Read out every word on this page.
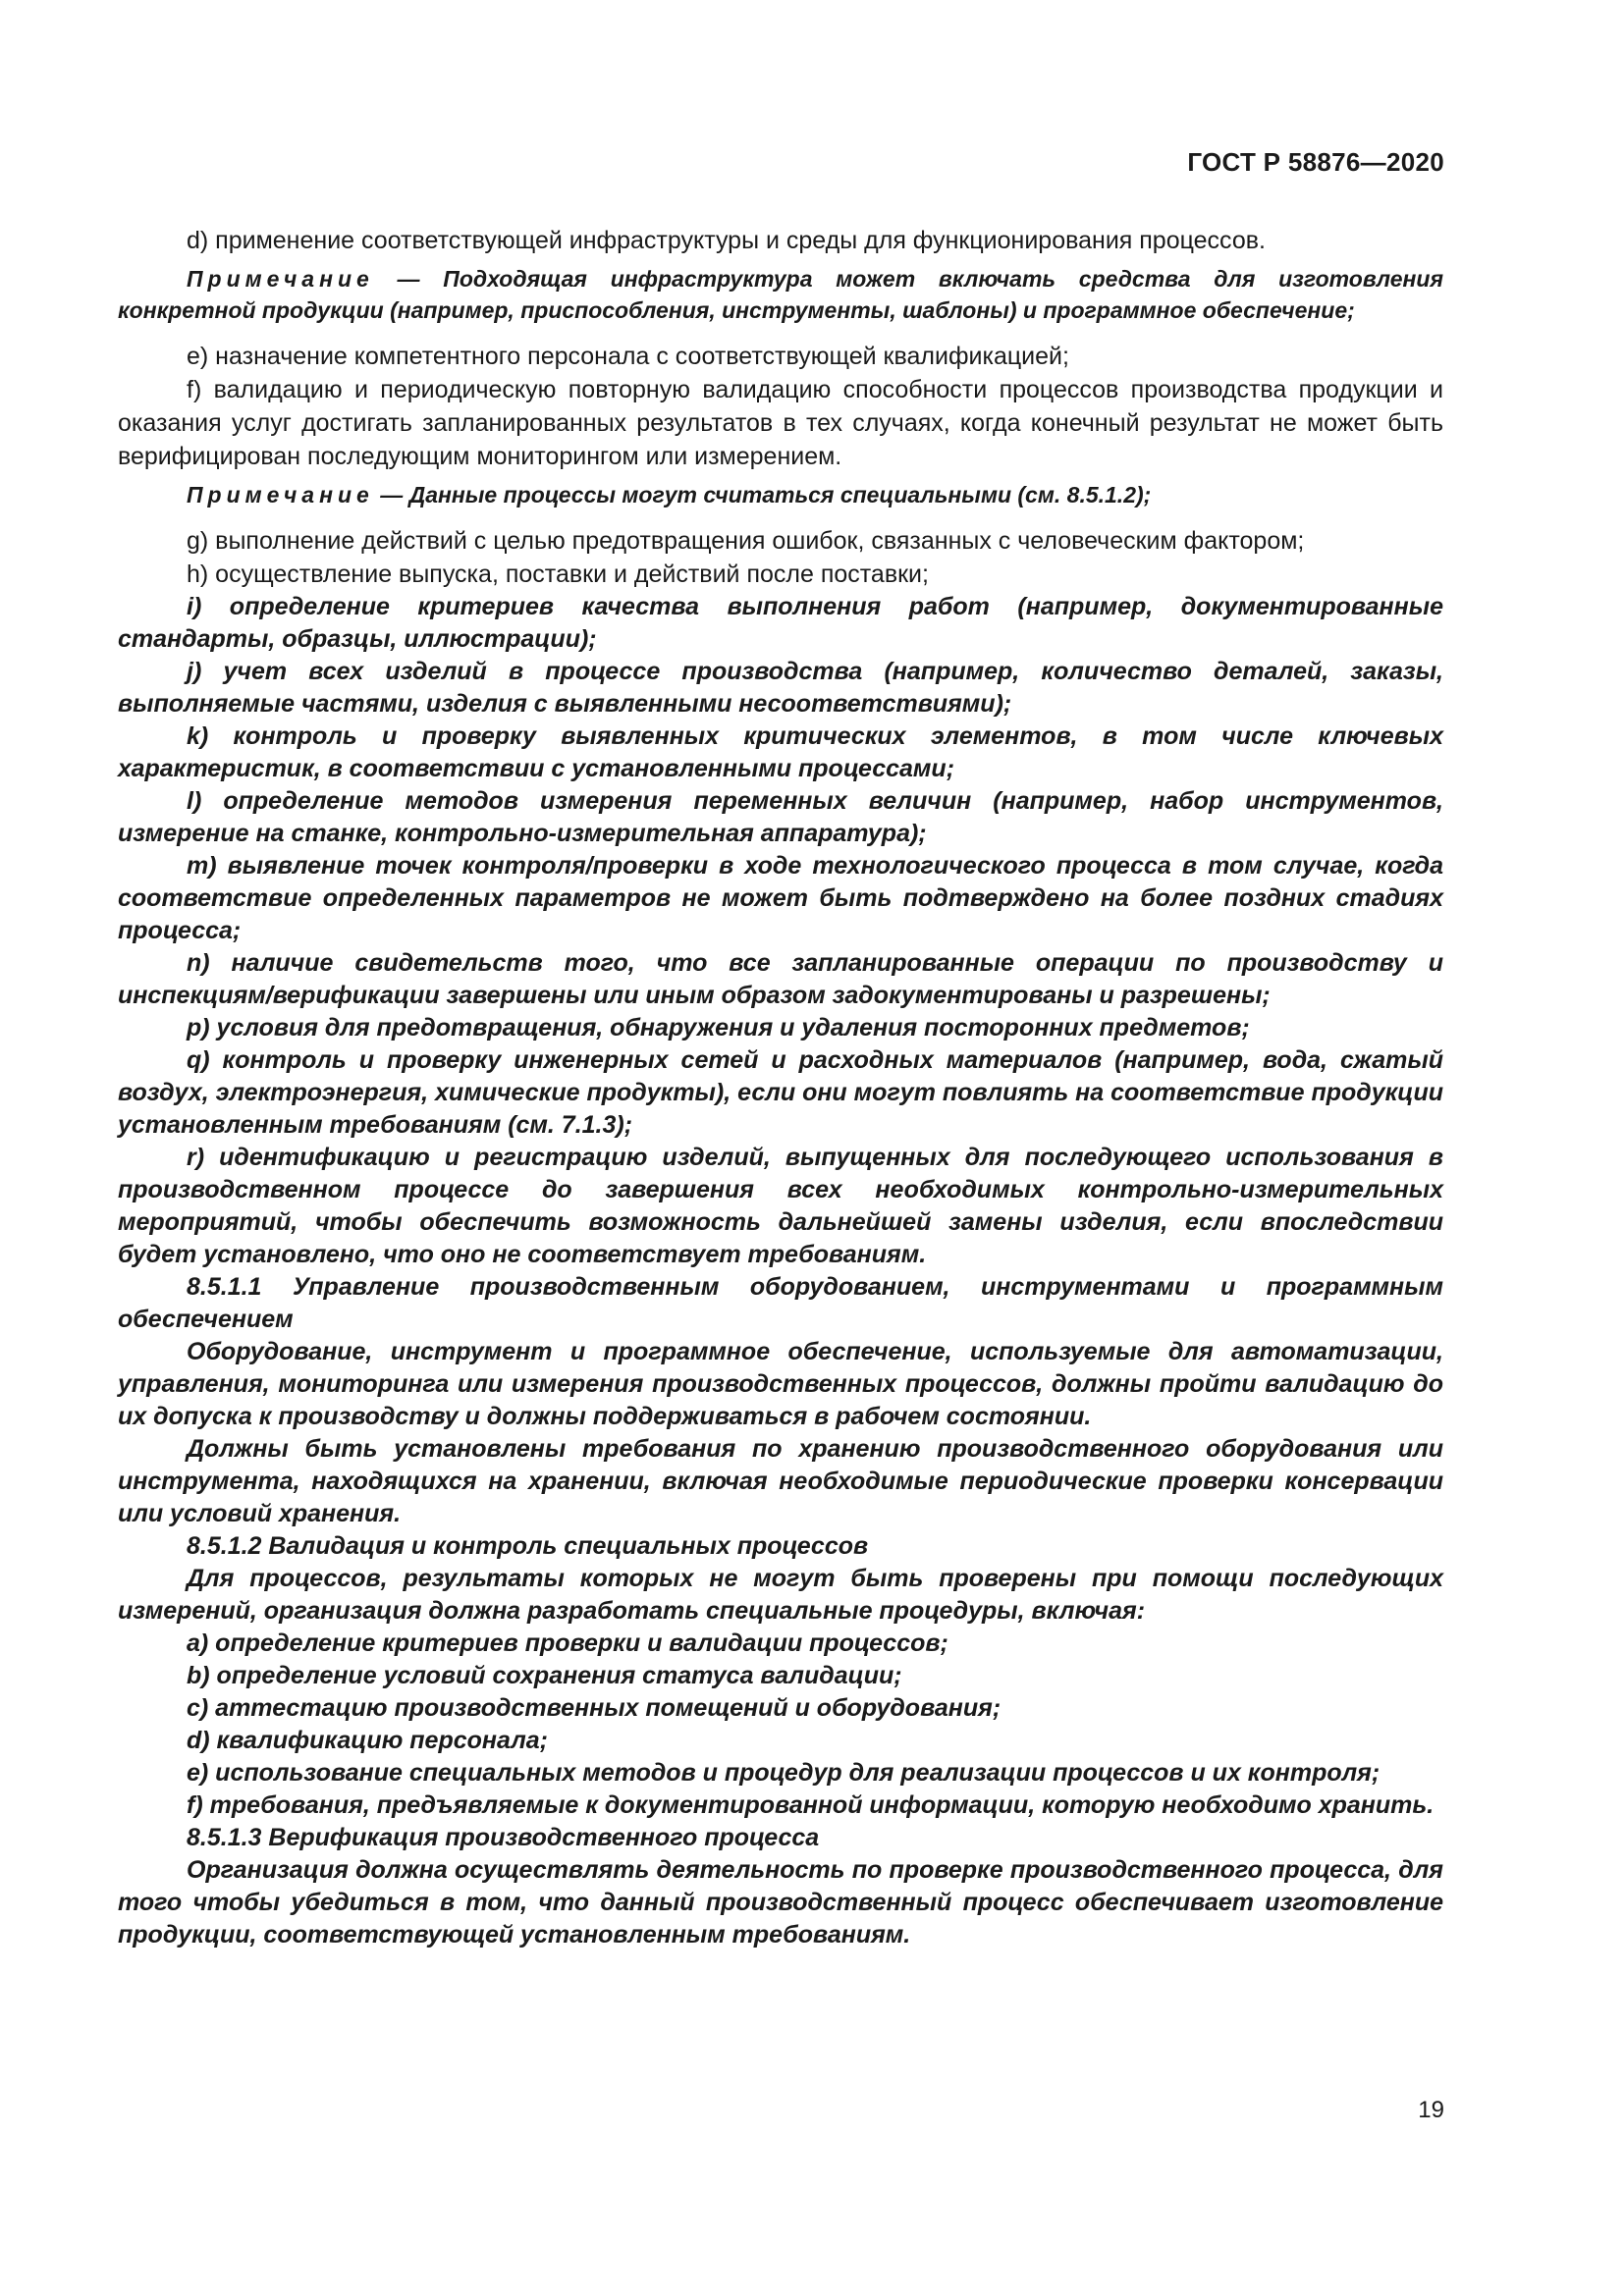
ГОСТ Р 58876—2020

d) применение соответствующей инфраструктуры и среды для функционирования процессов.

Примечание — Подходящая инфраструктура может включать средства для изготовления конкретной продукции (например, приспособления, инструменты, шаблоны) и программное обеспечение;

e) назначение компетентного персонала с соответствующей квалификацией;

f) валидацию и периодическую повторную валидацию способности процессов производства продукции и оказания услуг достигать запланированных результатов в тех случаях, когда конечный результат не может быть верифицирован последующим мониторингом или измерением.

Примечание — Данные процессы могут считаться специальными (см. 8.5.1.2);

g) выполнение действий с целью предотвращения ошибок, связанных с человеческим фактором;

h) осуществление выпуска, поставки и действий после поставки;

i) определение критериев качества выполнения работ (например, документированные стандарты, образцы, иллюстрации);

j) учет всех изделий в процессе производства (например, количество деталей, заказы, выполняемые частями, изделия с выявленными несоответствиями);

k) контроль и проверку выявленных критических элементов, в том числе ключевых характеристик, в соответствии с установленными процессами;

l) определение методов измерения переменных величин (например, набор инструментов, измерение на станке, контрольно-измерительная аппаратура);

m) выявление точек контроля/проверки в ходе технологического процесса в том случае, когда соответствие определенных параметров не может быть подтверждено на более поздних стадиях процесса;

n) наличие свидетельств того, что все запланированные операции по производству и инспекциям/верификации завершены или иным образом задокументированы и разрешены;

p) условия для предотвращения, обнаружения и удаления посторонних предметов;

q) контроль и проверку инженерных сетей и расходных материалов (например, вода, сжатый воздух, электроэнергия, химические продукты), если они могут повлиять на соответствие продукции установленным требованиям (см. 7.1.3);

r) идентификацию и регистрацию изделий, выпущенных для последующего использования в производственном процессе до завершения всех необходимых контрольно-измерительных мероприятий, чтобы обеспечить возможность дальнейшей замены изделия, если впоследствии будет установлено, что оно не соответствует требованиям.

8.5.1.1 Управление производственным оборудованием, инструментами и программным обеспечением

Оборудование, инструмент и программное обеспечение, используемые для автоматизации, управления, мониторинга или измерения производственных процессов, должны пройти валидацию до их допуска к производству и должны поддерживаться в рабочем состоянии.

Должны быть установлены требования по хранению производственного оборудования или инструмента, находящихся на хранении, включая необходимые периодические проверки консервации или условий хранения.

8.5.1.2 Валидация и контроль специальных процессов

Для процессов, результаты которых не могут быть проверены при помощи последующих измерений, организация должна разработать специальные процедуры, включая:

a) определение критериев проверки и валидации процессов;

b) определение условий сохранения статуса валидации;

c) аттестацию производственных помещений и оборудования;

d) квалификацию персонала;

e) использование специальных методов и процедур для реализации процессов и их контроля;

f) требования, предъявляемые к документированной информации, которую необходимо хранить.

8.5.1.3 Верификация производственного процесса

Организация должна осуществлять деятельность по проверке производственного процесса, для того чтобы убедиться в том, что данный производственный процесс обеспечивает изготовление продукции, соответствующей установленным требованиям.

19
